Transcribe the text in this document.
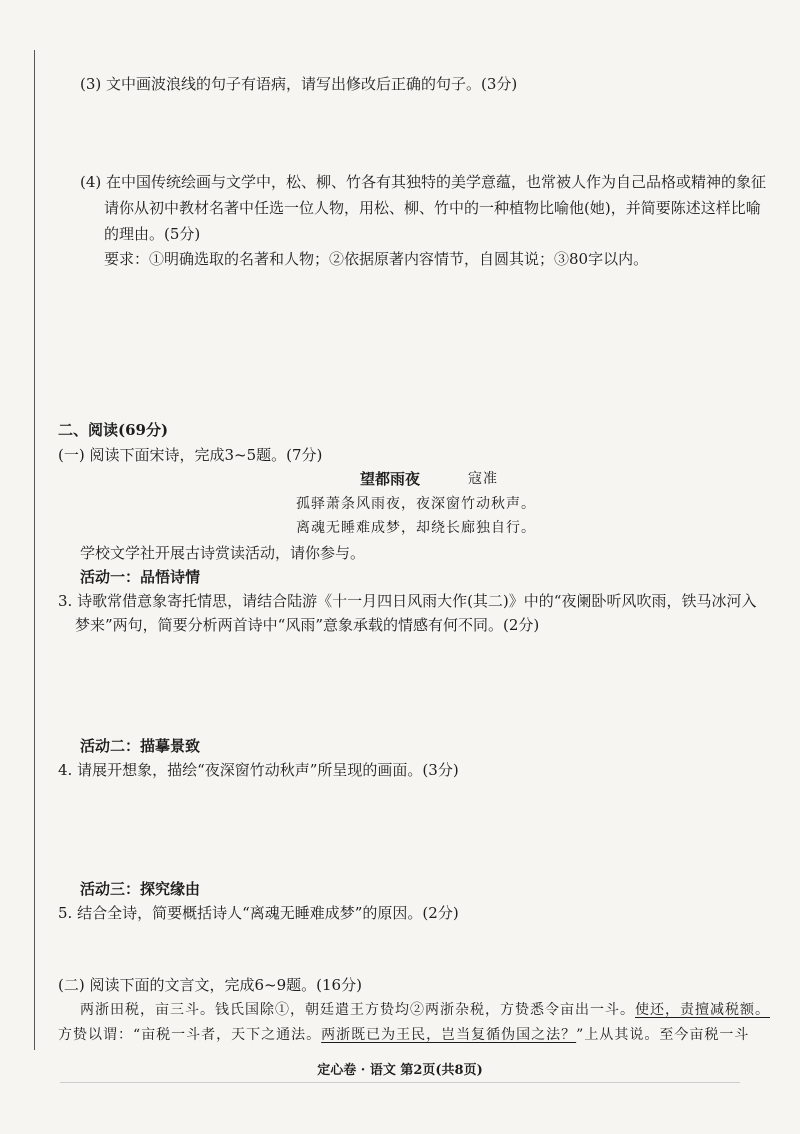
(3) 文中画波浪线的句子有语病，请写出修改后正确的句子。(3分)
(4) 在中国传统绘画与文学中，松、柳、竹各有其独特的美学意蕴，也常被人作为自己品格或精神的象征
请你从初中教材名著中任选一位人物，用松、柳、竹中的一种植物比喻他(她)，并简要陈述这样比喻
的理由。(5分)
要求：①明确选取的名著和人物；②依据原著内容情节，自圆其说；③80字以内。
二、阅读(69分)
(一) 阅读下面宋诗，完成3~5题。(7分)
望都雨夜	寇准
孤驿萧条风雨夜，夜深窗竹动秋声。
离魂无睡难成梦，却绕长廊独自行。
学校文学社开展古诗赏读活动，请你参与。
活动一：品悟诗情
3. 诗歌常借意象寄托情思，请结合陆游《十一月四日风雨大作(其二)》中的“夜阑卧听风吹雨，铁马冰河入
梦来”两句，简要分析两首诗中“风雨”意象承载的情感有何不同。(2分)
活动二：描摹景致
4. 请展开想象，描绘“夜深窗竹动秋声”所呈现的画面。(3分)
活动三：探究缘由
5. 结合全诗，简要概括诗人“离魂无睡难成梦”的原因。(2分)
(二) 阅读下面的文言文，完成6~9题。(16分)
两浙田税，亩三斗。钱氏国除①，朝廷遣王方贽均②两浙杂税，方贽悉令亩出一斗。使还，责擅减税额。
方贽以谓：“亩税一斗者，天下之通法。两浙既已为王民，岂当复循伪国之法？”上从其说。至今亩税一斗
定心卷 · 语文 第2页(共8页)
